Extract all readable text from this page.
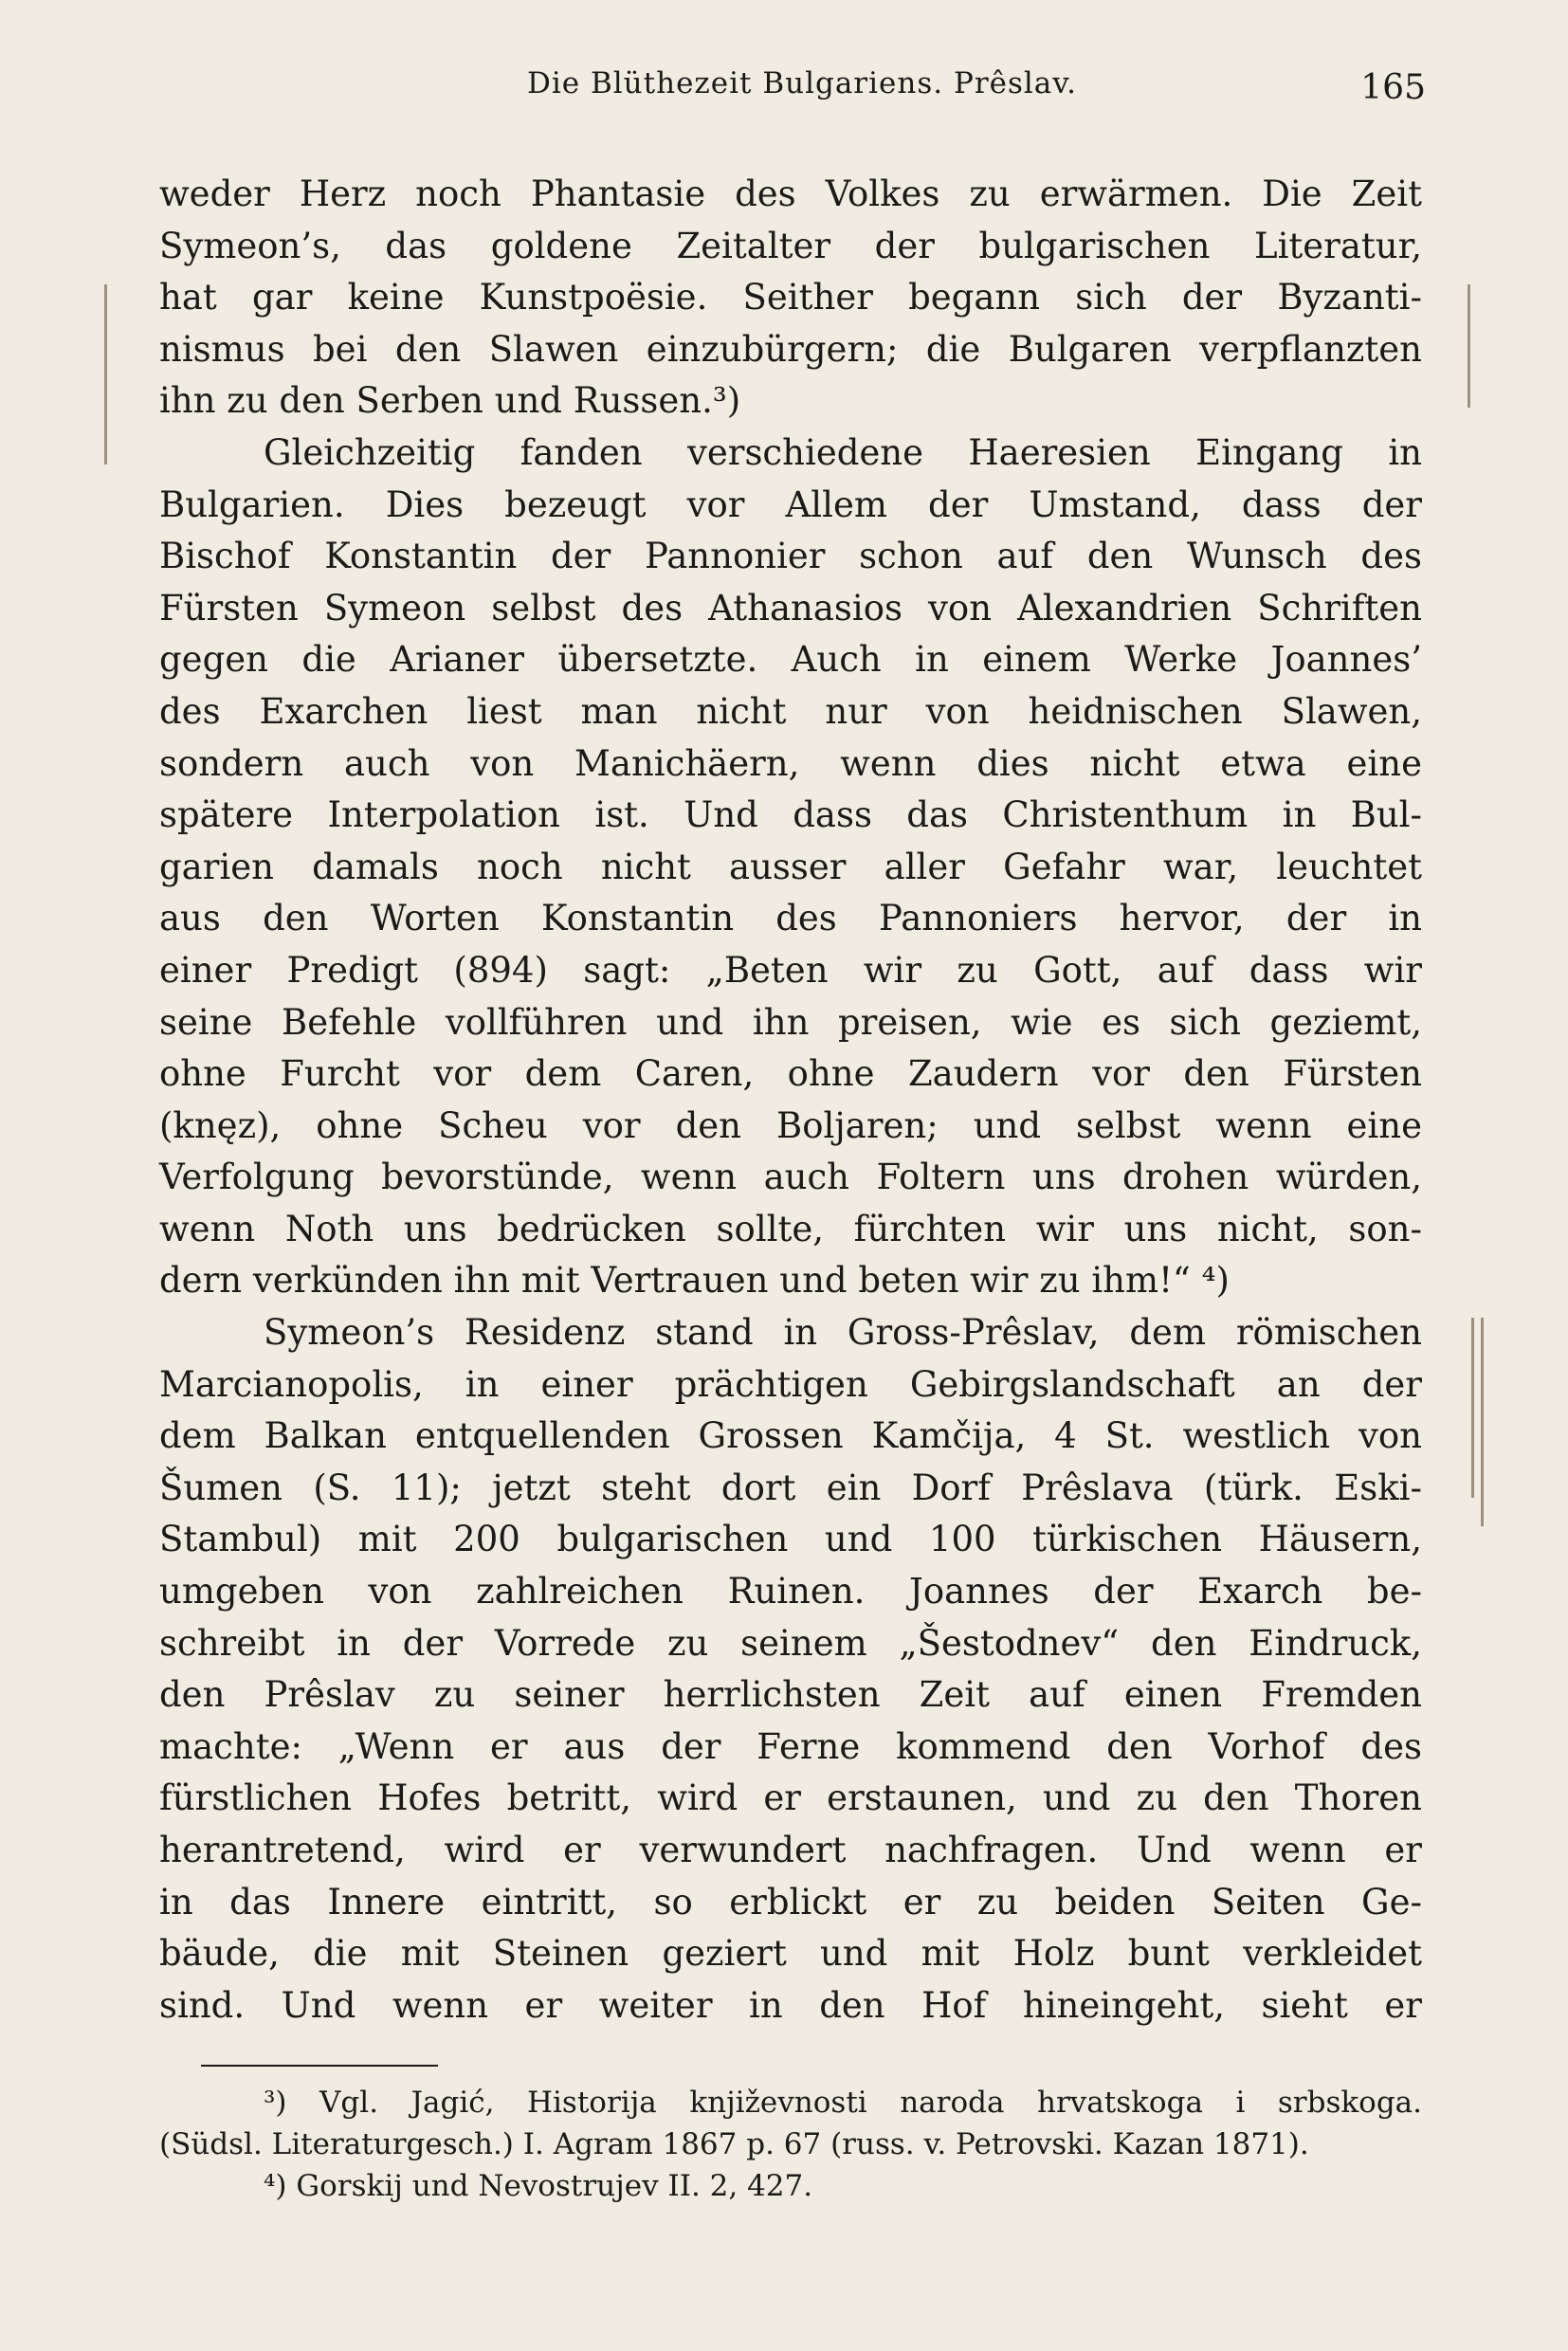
Die Blüthezeit Bulgariens. Prêslav.	165
weder Herz noch Phantasie des Volkes zu erwärmen. Die Zeit
Symeon’s, das goldene Zeitalter der bulgarischen Literatur,
hat gar keine Kunstpoësie. Seither begann sich der Byzanti-
nismus bei den Slawen einzubürgern; die Bulgaren verpflanzten
ihn zu den Serben und Russen.³)
Gleichzeitig fanden verschiedene Haeresien Eingang in
Bulgarien. Dies bezeugt vor Allem der Umstand, dass der
Bischof Konstantin der Pannonier schon auf den Wunsch des
Fürsten Symeon selbst des Athanasios von Alexandrien Schriften
gegen die Arianer übersetzte. Auch in einem Werke Joannes’
des Exarchen liest man nicht nur von heidnischen Slawen,
sondern auch von Manichäern, wenn dies nicht etwa eine
spätere Interpolation ist. Und dass das Christenthum in Bul-
garien damals noch nicht ausser aller Gefahr war, leuchtet
aus den Worten Konstantin des Pannoniers hervor, der in
einer Predigt (894) sagt: „Beten wir zu Gott, auf dass wir
seine Befehle vollführen und ihn preisen, wie es sich geziemt,
ohne Furcht vor dem Caren, ohne Zaudern vor den Fürsten
(knęz), ohne Scheu vor den Boljaren; und selbst wenn eine
Verfolgung bevorstünde, wenn auch Foltern uns drohen würden,
wenn Noth uns bedrücken sollte, fürchten wir uns nicht, son-
dern verkünden ihn mit Vertrauen und beten wir zu ihm!“ ⁴)
Symeon’s Residenz stand in Gross-Prêslav, dem römischen
Marcianopolis, in einer prächtigen Gebirgslandschaft an der
dem Balkan entquellenden Grossen Kamčija, 4 St. westlich von
Šumen (S. 11); jetzt steht dort ein Dorf Prêslava (türk. Eski-
Stambul) mit 200 bulgarischen und 100 türkischen Häusern,
umgeben von zahlreichen Ruinen. Joannes der Exarch be-
schreibt in der Vorrede zu seinem „Šestodnev“ den Eindruck,
den Prêslav zu seiner herrlichsten Zeit auf einen Fremden
machte: „Wenn er aus der Ferne kommend den Vorhof des
fürstlichen Hofes betritt, wird er erstaunen, und zu den Thoren
herantretend, wird er verwundert nachfragen. Und wenn er
in das Innere eintritt, so erblickt er zu beiden Seiten Ge-
bäude, die mit Steinen geziert und mit Holz bunt verkleidet
sind. Und wenn er weiter in den Hof hineingeht, sieht er
³) Vgl. Jagić, Historija književnosti naroda hrvatskoga i srbskoga.
(Südsl. Literaturgesch.) I. Agram 1867 p. 67 (russ. v. Petrovski. Kazan 1871).
⁴) Gorskij und Nevostrujev II. 2, 427.
